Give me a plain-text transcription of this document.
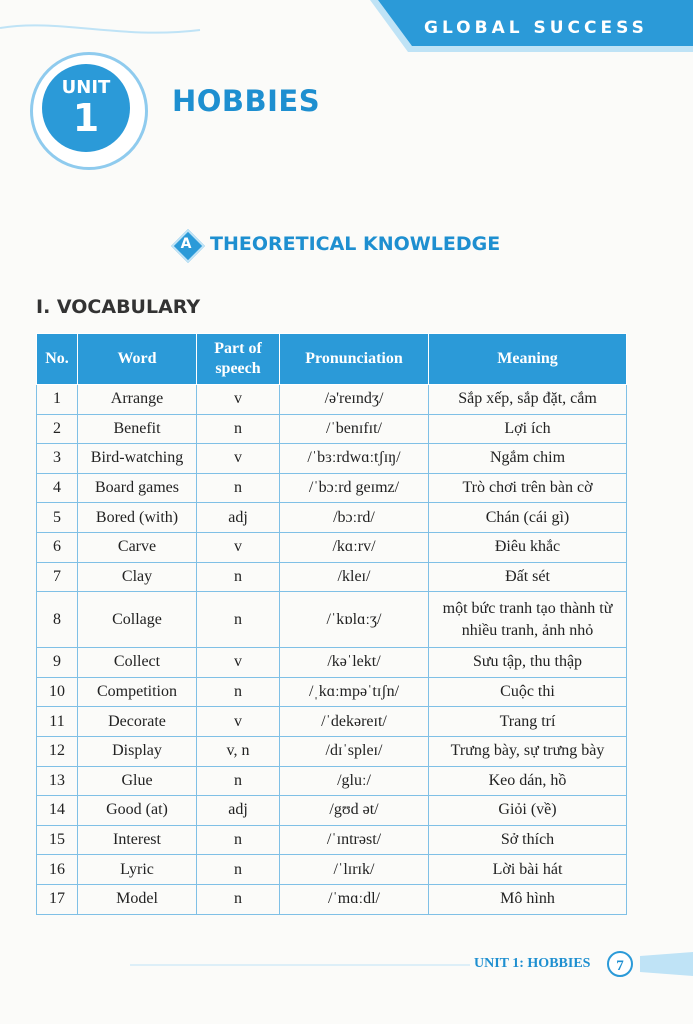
GLOBAL SUCCESS
UNIT
1	HOBBIES
A THEORETICAL KNOWLEDGE
I. VOCABULARY
No.	Word	Part of speech	Pronunciation	Meaning
1	Arrange	v	/ə'reɪndʒ/	Sắp xếp, sắp đặt, cắm
2	Benefit	n	/ˈbenɪfɪt/	Lợi ích
3	Bird-watching	v	/ˈbɜːrdwɑːtʃɪŋ/	Ngắm chim
4	Board games	n	/ˈbɔːrd geɪmz/	Trò chơi trên bàn cờ
5	Bored (with)	adj	/bɔːrd/	Chán (cái gì)
6	Carve	v	/kɑːrv/	Điêu khắc
7	Clay	n	/kleɪ/	Đất sét
8	Collage	n	/ˈkɒlɑːʒ/	một bức tranh tạo thành từ nhiều tranh, ảnh nhỏ
9	Collect	v	/kəˈlekt/	Sưu tập, thu thập
10	Competition	n	/ˌkɑːmpəˈtɪʃn/	Cuộc thi
11	Decorate	v	/ˈdekəreɪt/	Trang trí
12	Display	v, n	/dɪˈspleɪ/	Trưng bày, sự trưng bày
13	Glue	n	/gluː/	Keo dán, hồ
14	Good (at)	adj	/gʊd ət/	Giỏi (về)
15	Interest	n	/ˈɪntrəst/	Sở thích
16	Lyric	n	/ˈlɪrɪk/	Lời bài hát
17	Model	n	/ˈmɑːdl/	Mô hình
UNIT 1: HOBBIES	7
